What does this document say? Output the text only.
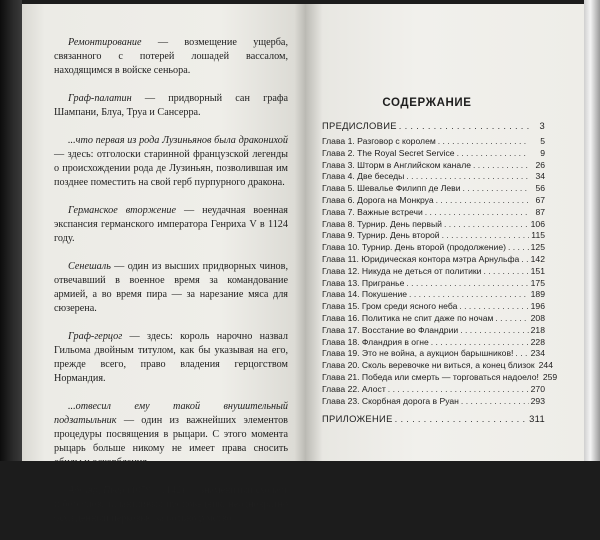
Ремонтирование — возмещение ущерба, связанного с потерей лошадей вассалом, находящимся в войске сеньора.

Граф-палатин — придворный сан графа Шампани, Блуа, Труа и Сансерра.

...что первая из рода Лузиньянов была драконихой — здесь: отголоски старинной французской легенды о происхождении рода де Лузиньян, позволившая им позднее поместить на свой герб пурпурного дракона.

Германское вторжение — неудачная военная экспансия германского императора Генриха V в 1124 году.

Сенешаль — один из высших придворных чинов, отвечавший в военное время за командование армией, а во время пира — за нарезание мяса для сюзерена.

Граф-герцог — здесь: король нарочно назвал Гильома двойным титулом, как бы указывая на его, прежде всего, право владения герцогством Нормандия.

...отвесил ему такой внушительный подзатыльник — один из важнейших элементов процедуры посвящения в рыцари. С этого момента рыцарь больше никому не имеет права сносить обиды и оскорбления.

Абеляр, Пьер (1079—1142) — знаменитый схоласт и богослов, талантливый проповедник, неоднократно осужденный церковью за вольнодумство.

СОДЕРЖАНИЕ
ПРЕДИСЛОВИЕ . . .	3
Глава 1. Разговор с королем . . .	5
Глава 2. The Royal Secret Service . . .	9
Глава 3. Шторм в Английском канале . . .	26
Глава 4. Две беседы . . .	34
Глава 5. Шевалье Филипп де Леви . . .	56
Глава 6. Дорога на Монкруа . . .	67
Глава 7. Важные встречи . . .	87
Глава 8. Турнир. День первый . . .	106
Глава 9. Турнир. День второй . . .	115
Глава 10. Турнир. День второй (продолжение) . . .	125
Глава 11. Юридическая контора мэтра Арнульфа . . . 142
Глава 12. Никуда не деться от политики . . .	151
Глава 13. Пригранье . . .	175
Глава 14. Покушение . . .	189
Глава 15. Гром среди ясного неба . . .	196
Глава 16. Политика не спит даже по ночам . . .	208
Глава 17. Восстание во Фландрии . . .	218
Глава 18. Фландрия в огне . . .	228
Глава 19. Это не война, а аукцион барышников! . . . 234
Глава 20. Сколь веревочке ни виться, а конец близок 244
Глава 21. Победа или смерть — торговаться надоело! 259
Глава 22. Алост . . .	270
Глава 23. Скорбная дорога в Руан . . .	293
ПРИЛОЖЕНИЕ . . .	311
